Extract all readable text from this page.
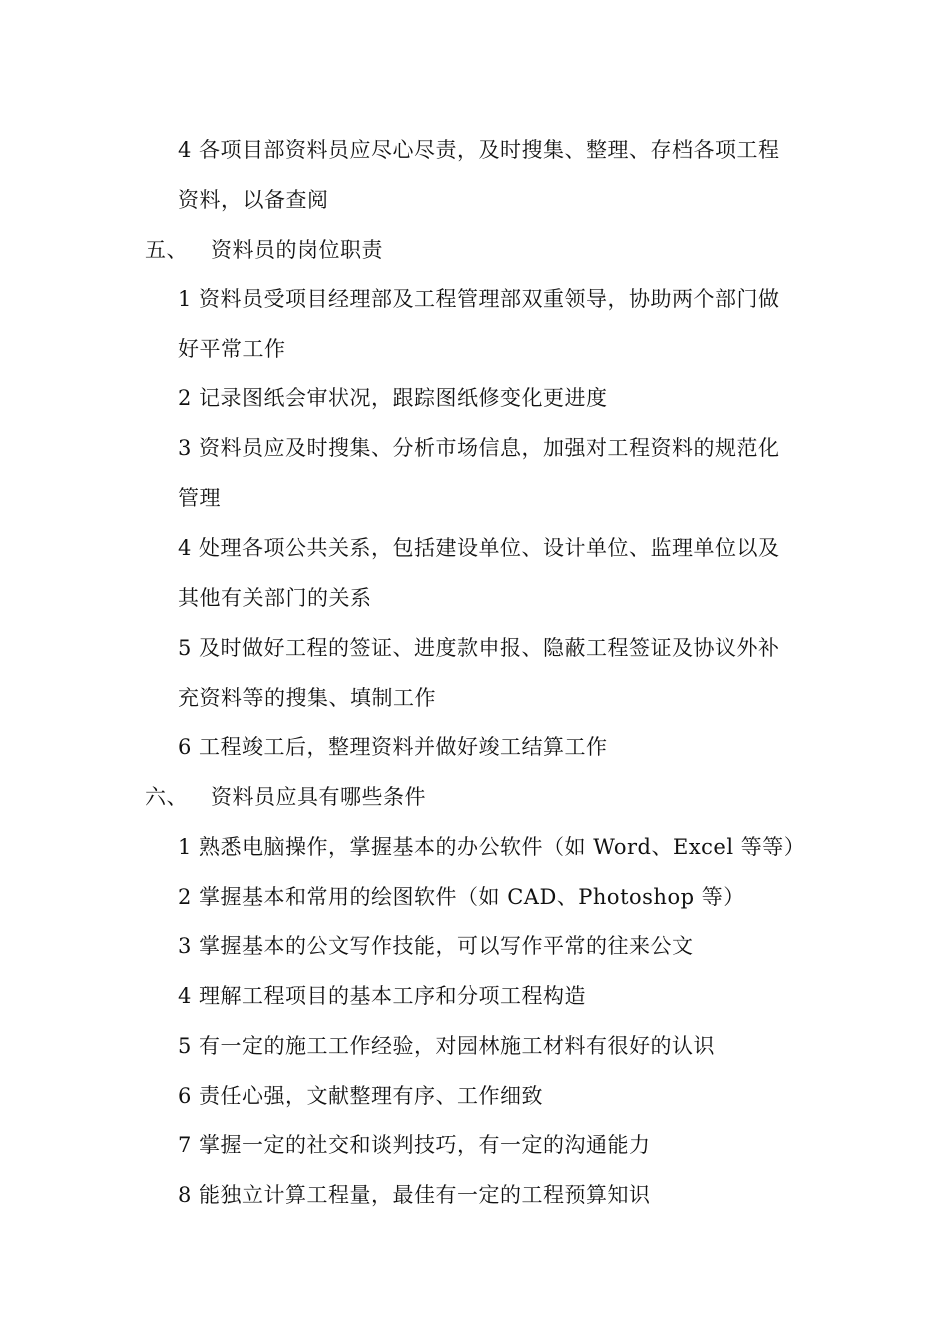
4 各项目部资料员应尽心尽责，及时搜集、整理、存档各项工程
资料，以备查阅
五、 资料员的岗位职责
1 资料员受项目经理部及工程管理部双重领导，协助两个部门做
好平常工作
2 记录图纸会审状况，跟踪图纸修变化更进度
3 资料员应及时搜集、分析市场信息，加强对工程资料的规范化
管理
4 处理各项公共关系，包括建设单位、设计单位、监理单位以及
其他有关部门的关系
5 及时做好工程的签证、进度款申报、隐蔽工程签证及协议外补
充资料等的搜集、填制工作
6 工程竣工后，整理资料并做好竣工结算工作
六、 资料员应具有哪些条件
1 熟悉电脑操作，掌握基本的办公软件（如 Word、Excel 等等）
2 掌握基本和常用的绘图软件（如 CAD、Photoshop 等）
3 掌握基本的公文写作技能，可以写作平常的往来公文
4 理解工程项目的基本工序和分项工程构造
5 有一定的施工工作经验，对园林施工材料有很好的认识
6 责任心强，文献整理有序、工作细致
7 掌握一定的社交和谈判技巧，有一定的沟通能力
8 能独立计算工程量，最佳有一定的工程预算知识
